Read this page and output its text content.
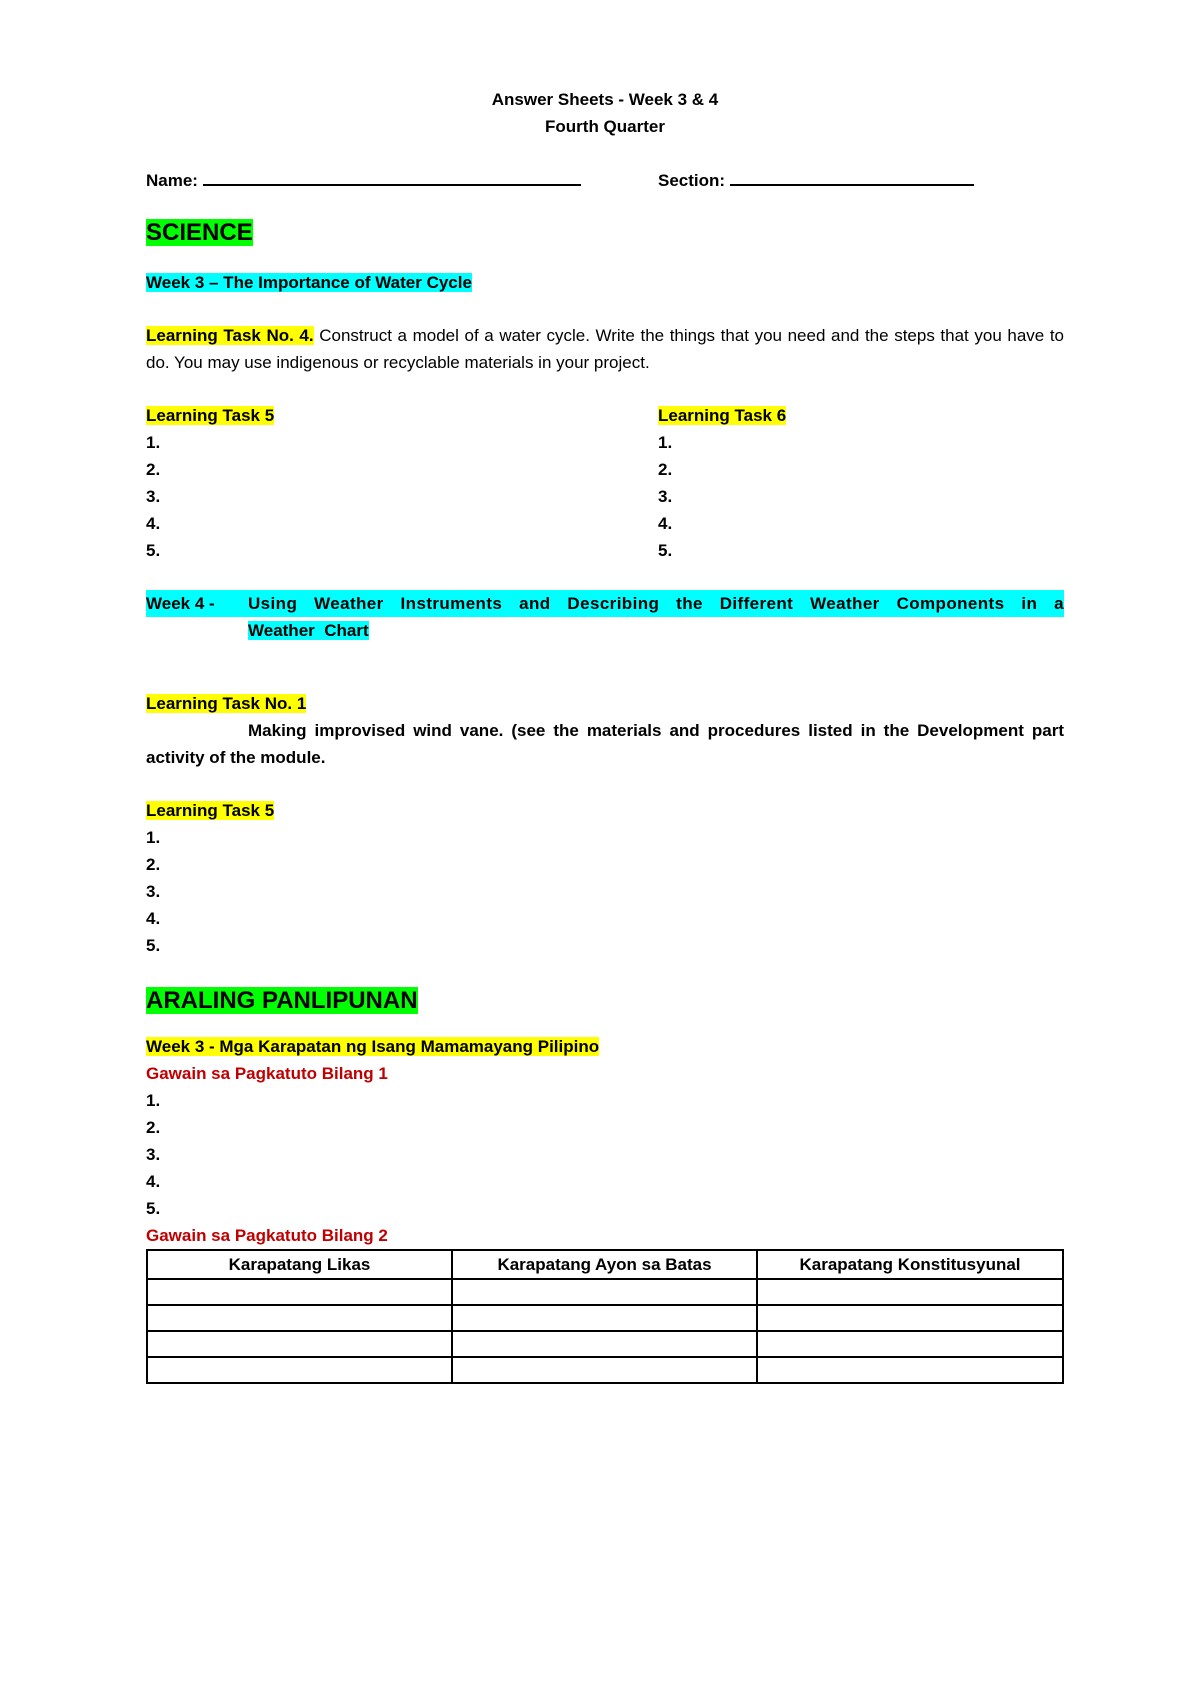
Answer Sheets - Week 3 & 4
Fourth Quarter
Name:	Section:
SCIENCE
Week 3 – The Importance of Water Cycle
Learning Task No. 4. Construct a model of a water cycle. Write the things that you need and the steps that you have to do. You may use indigenous or recyclable materials in your project.
Learning Task 5
1.
2.
3.
4.
5.
Learning Task 6
1.
2.
3.
4.
5.
Week 4 -	Using Weather Instruments and Describing the Different Weather Components in a
Weather  Chart
Learning Task No. 1
Making improvised wind vane. (see the materials and procedures listed in the Development part activity of the module.
Learning Task 5
1.
2.
3.
4.
5.
ARALING PANLIPUNAN
Week 3 - Mga Karapatan ng Isang Mamamayang Pilipino
Gawain sa Pagkatuto Bilang 1
1.
2.
3.
4.
5.
Gawain sa Pagkatuto Bilang 2
Karapatang Likas	Karapatang Ayon sa Batas	Karapatang Konstitusyunal
